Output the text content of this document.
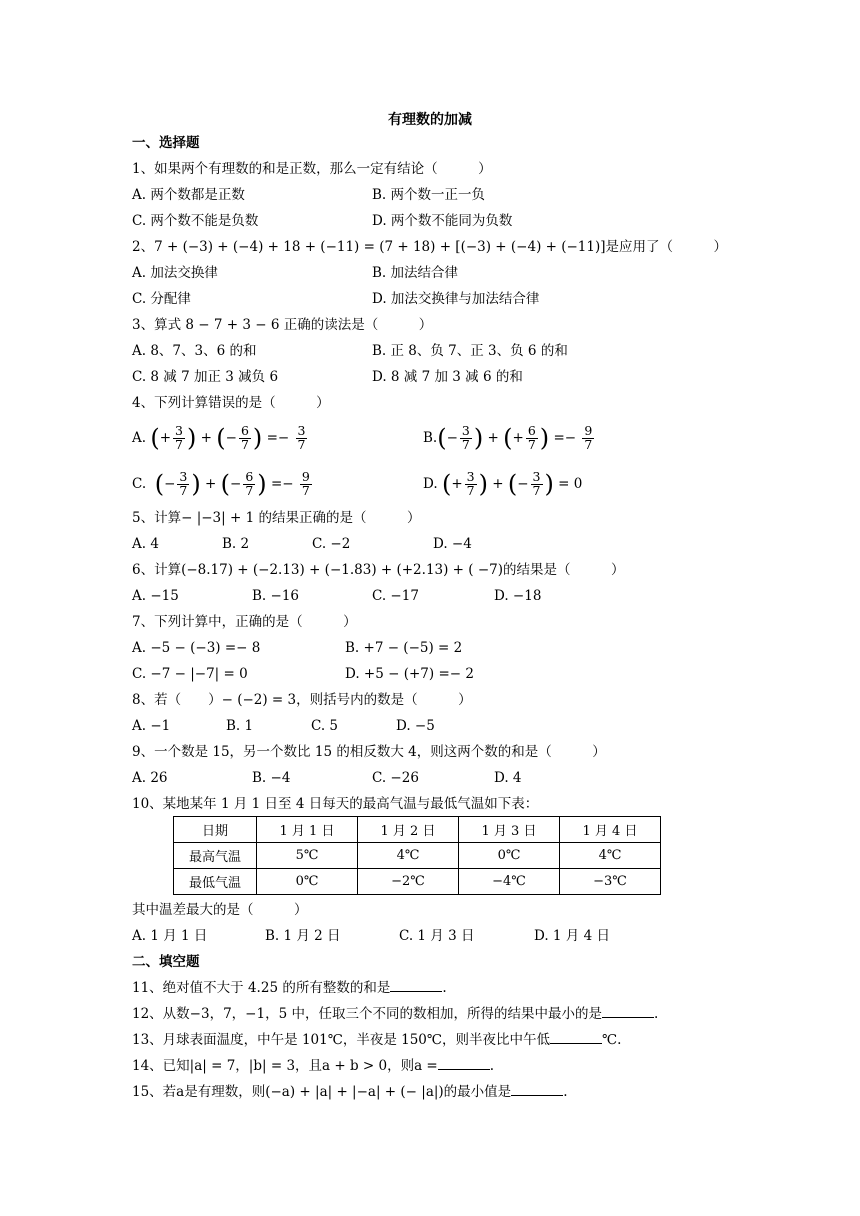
有理数的加减
一、选择题
1、如果两个有理数的和是正数，那么一定有结论（　　　）
A. 两个数都是正数	B. 两个数一正一负
C. 两个数不能是负数	D. 两个数不能同为负数
2、7 + (−3) + (−4) + 18 + (−11) = (7 + 18) + [(−3) + (−4) + (−11)]是应用了（　　　）
A. 加法交换律	B. 加法结合律
C. 分配律	D. 加法交换律与加法结合律
3、算式 8 − 7 + 3 − 6 正确的读法是（　　　）
A. 8、7、3、6 的和	B. 正 8、负 7、正 3、负 6 的和
C. 8 减 7 加正 3 减负 6	D. 8 减 7 加 3 减 6 的和
4、下列计算错误的是（　　　）
A.
( + $\frac{3}{7}$ )
+
( − $\frac{6}{7}$ )
=−
$\frac{3}{7}$	B. ( − $\frac{3}{7}$ )
+
( + $\frac{6}{7}$ )
=−
$\frac{9}{7}$
C.
( − $\frac{3}{7}$ )
+
( − $\frac{6}{7}$ )
=−
$\frac{9}{7}$	D.
( + $\frac{3}{7}$ )
+
( − $\frac{3}{7}$ )
=
0
5、计算− |−3| + 1 的结果正确的是（　　　）
A. 4	B. 2	C. −2	D. −4
6、计算(−8.17) + (−2.13) + (−1.83) + (+2.13) + ( −7)的结果是（　　　）
A. −15	B. −16	C. −17	D. −18
7、下列计算中，正确的是（　　　）
A. −5 − (−3) =− 8	B. +7 − (−5) = 2
C. −7 − |−7| = 0	D. +5 − (+7) =− 2
8、若（　　）− (−2) = 3，则括号内的数是（　　　）
A. −1	B. 1	C. 5	D. −5
9、一个数是 15，另一个数比 15 的相反数大 4，则这两个数的和是（　　　）
A. 26	B. −4	C. −26	D. 4
10、某地某年 1 月 1 日至 4 日每天的最高气温与最低气温如下表：
日期	1 月 1 日	1 月 2 日	1 月 3 日	1 月 4 日
最高气温	5℃	4℃	0℃	4℃
最低气温	0℃	−2℃	−4℃	−3℃
其中温差最大的是（　　　）
A. 1 月 1 日	B. 1 月 2 日	C. 1 月 3 日	D. 1 月 4 日
二、填空题
11、绝对值不大于 4.25 的所有整数的和是	.
12、从数−3，7，−1，5 中，任取三个不同的数相加，所得的结果中最小的是	.
13、月球表面温度，中午是 101℃，半夜是 150℃，则半夜比中午低	℃.
14、已知|a| = 7，|b| = 3，且a + b > 0，则a =	.
15、若a是有理数，则(−a) + |a| + |−a| + (− |a|)的最小值是	.
